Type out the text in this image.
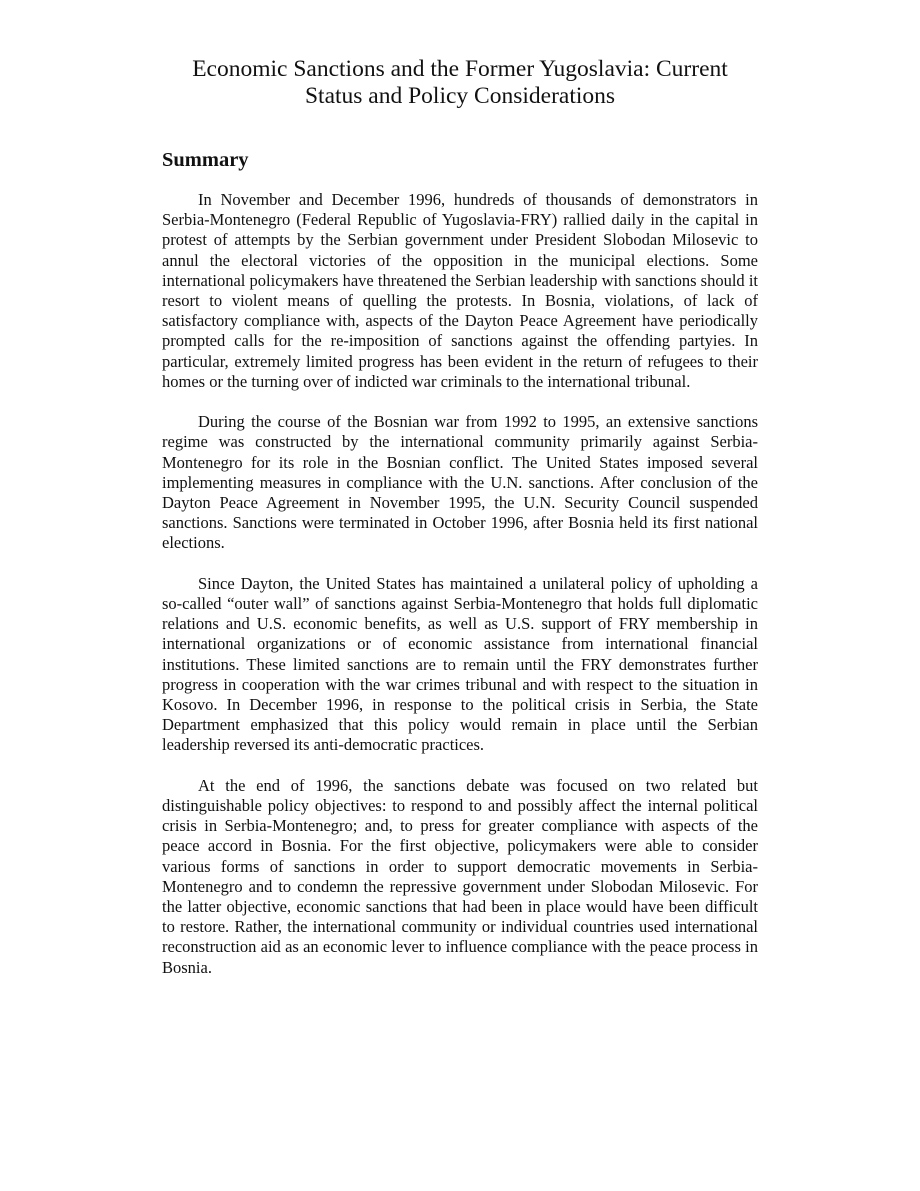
Economic Sanctions and the Former Yugoslavia: Current
Status and Policy Considerations
Summary

In November and December 1996, hundreds of thousands of demonstrators in Serbia-Montenegro (Federal Republic of Yugoslavia-FRY) rallied daily in the capital in protest of attempts by the Serbian government under President Slobodan Milosevic to annul the electoral victories of the opposition in the municipal elections. Some international policymakers have threatened the Serbian leadership with sanctions should it resort to violent means of quelling the protests. In Bosnia, violations, of lack of satisfactory compliance with, aspects of the Dayton Peace Agreement have periodically prompted calls for the re-imposition of sanctions against the offending partyies. In particular, extremely limited progress has been evident in the return of refugees to their homes or the turning over of indicted war criminals to the international tribunal.

During the course of the Bosnian war from 1992 to 1995, an extensive sanctions regime was constructed by the international community primarily against Serbia-Montenegro for its role in the Bosnian conflict. The United States imposed several implementing measures in compliance with the U.N. sanctions. After conclusion of the Dayton Peace Agreement in November 1995, the U.N. Security Council suspended sanctions. Sanctions were terminated in October 1996, after Bosnia held its first national elections.

Since Dayton, the United States has maintained a unilateral policy of upholding a so-called “outer wall” of sanctions against Serbia-Montenegro that holds full diplomatic relations and U.S. economic benefits, as well as U.S. support of FRY membership in international organizations or of economic assistance from international financial institutions. These limited sanctions are to remain until the FRY demonstrates further progress in cooperation with the war crimes tribunal and with respect to the situation in Kosovo. In December 1996, in response to the political crisis in Serbia, the State Department emphasized that this policy would remain in place until the Serbian leadership reversed its anti-democratic practices.

At the end of 1996, the sanctions debate was focused on two related but distinguishable policy objectives: to respond to and possibly affect the internal political crisis in Serbia-Montenegro; and, to press for greater compliance with aspects of the peace accord in Bosnia. For the first objective, policymakers were able to consider various forms of sanctions in order to support democratic movements in Serbia-Montenegro and to condemn the repressive government under Slobodan Milosevic. For the latter objective, economic sanctions that had been in place would have been difficult to restore. Rather, the international community or individual countries used international reconstruction aid as an economic lever to influence compliance with the peace process in Bosnia.
